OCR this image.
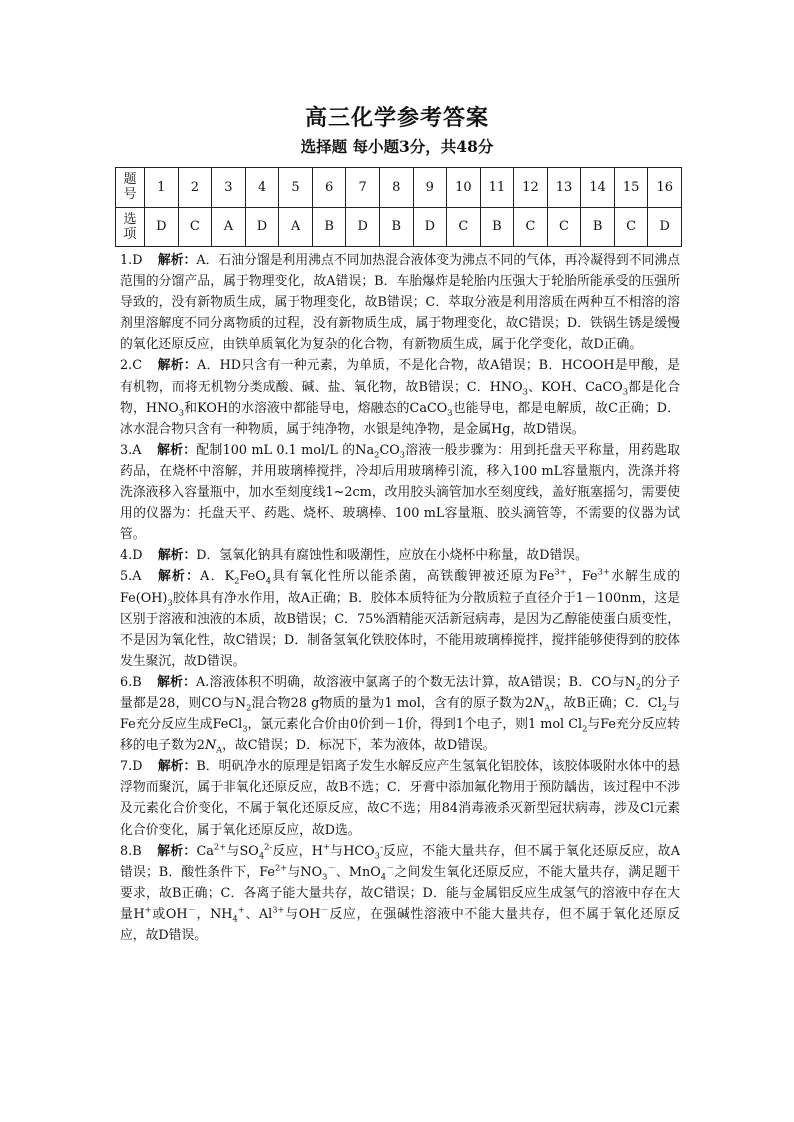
高三化学参考答案
选择题 每小题3分，共48分
题
号	1	2	3	4	5	6	7	8	9	10	11	12	13	14	15	16
选
项	D	C	A	D	A	B	D	B	D	C	B	C	C	B	C	D

1.D 解析：A．石油分馏是利用沸点不同加热混合液体变为沸点不同的气体，再冷凝得到不同沸点范围的分馏产品，属于物理变化，故A错误；B．车胎爆炸是轮胎内压强大于轮胎所能承受的压强所导致的，没有新物质生成，属于物理变化，故B错误；C．萃取分液是利用溶质在两种互不相溶的溶剂里溶解度不同分离物质的过程，没有新物质生成，属于物理变化，故C错误；D．铁锅生锈是缓慢的氧化还原反应，由铁单质氧化为复杂的化合物，有新物质生成，属于化学变化，故D正确。

2.C 解析：A．HD只含有一种元素，为单质，不是化合物，故A错误；B．HCOOH是甲酸，是有机物，而将无机物分类成酸、碱、盐、氧化物，故B错误；C．$HNO_3$、KOH、CaCO$_3$都是化合物，$HNO_3$和KOH的水溶液中都能导电，熔融态的CaCO$_3$也能导电，都是电解质，故C正确；D．冰水混合物只含有一种物质，属于纯净物，水银是纯净物，是金属Hg，故D错误。

3.A 解析：配制100 mL 0.1 mol/L 的$Na_2CO_3$溶液一般步骤为：用到托盘天平称量，用药匙取药品，在烧杯中溶解，并用玻璃棒搅拌，冷却后用玻璃棒引流，移入100 mL容量瓶内，洗涤并将洗涤液移入容量瓶中，加水至刻度线1~2cm，改用胶头滴管加水至刻度线，盖好瓶塞摇匀，需要使用的仪器为：托盘天平、药匙、烧杯、玻璃棒、100 mL容量瓶、胶头滴管等，不需要的仪器为试管。

4.D 解析：D．氢氧化钠具有腐蚀性和吸潮性，应放在小烧杯中称量，故D错误。

5.A 解析：A．$K_2FeO_4$具有氧化性所以能杀菌，高铁酸钾被还原为$Fe^{3+}$，$Fe^{3+}$水解生成的$Fe(OH)_3$胶体具有净水作用，故A正确；B．胶体本质特征为分散质粒子直径介于1－100nm，这是区别于溶液和浊液的本质，故B错误；C．75%酒精能灭活新冠病毒，是因为乙醇能使蛋白质变性，不是因为氧化性，故C错误；D．制备氢氧化铁胶体时，不能用玻璃棒搅拌，搅拌能够使得到的胶体发生聚沉，故D错误。

6.B 解析：A.溶液体积不明确，故溶液中氯离子的个数无法计算，故A错误；B．CO与$N_2$的分子量都是28，则CO与$N_2$混合物28 g物质的量为1 mol，含有的原子数为$2N_A$，故B正确；C．$Cl_2$与Fe充分反应生成FeCl$_3$，氯元素化合价由0价到－1价，得到1个电子，则1 mol $Cl_2$与Fe充分反应转移的电子数为$2N_A$，故C错误；D．标况下，苯为液体，故D错误。

7.D 解析：B．明矾净水的原理是铝离子发生水解反应产生氢氧化铝胶体，该胶体吸附水体中的悬浮物而聚沉，属于非氧化还原反应，故B不选；C．牙膏中添加氟化物用于预防龋齿，该过程中不涉及元素化合价变化，不属于氧化还原反应，故C不选；用84消毒液杀灭新型冠状病毒，涉及Cl元素化合价变化，属于氧化还原反应，故D选。

8.B 解析：$Ca^{2+}$与$SO_4^{2-}$反应，H+与$HCO_3^-$反应，不能大量共存，但不属于氧化还原反应，故A错误；B．酸性条件下，$Fe^{2+}$与$NO_3^-$、MnO$_4$－之间发生氧化还原反应，不能大量共存，满足题干要求，故B正确；C．各离子能大量共存，故C错误；D．能与金属铝反应生成氢气的溶液中存在大量H+或OH－，$NH_4^+$、$Al^{3+}$与OH－反应，在强碱性溶液中不能大量共存，但不属于氧化还原反应，故D错误。
